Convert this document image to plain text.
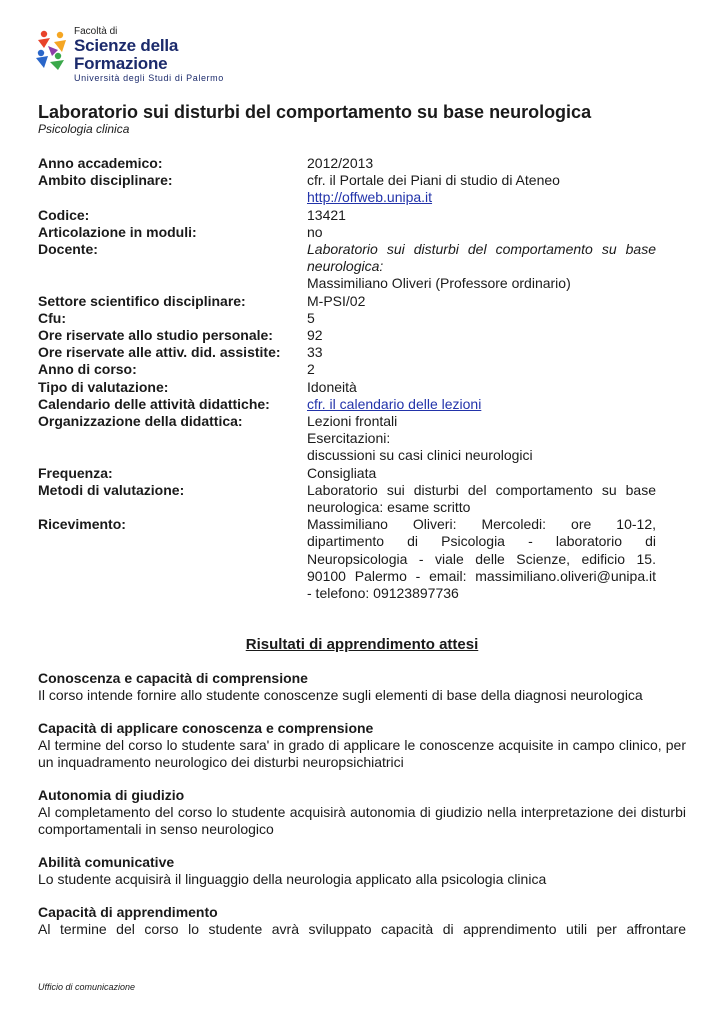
Facoltà di
Scienze della Formazione
Università degli Studi di Palermo
Laboratorio sui disturbi del comportamento su base neurologica
Psicologia clinica
Anno accademico:	2012/2013
Ambito disciplinare:	cfr. il Portale dei Piani di studio di Ateneo
http://offweb.unipa.it
Codice:	13421
Articolazione in moduli:	no
Docente:	Laboratorio sui disturbi del comportamento su base
neurologica:
Massimiliano Oliveri (Professore ordinario)
Settore scientifico disciplinare:	M-PSI/02
Cfu:	5
Ore riservate allo studio personale:	92
Ore riservate alle attiv. did. assistite:	33
Anno di corso:	2
Tipo di valutazione:	Idoneità
Calendario delle attività didattiche:	cfr. il calendario delle lezioni
Organizzazione della didattica:	Lezioni frontali
Esercitazioni:
discussioni su casi clinici neurologici
Frequenza:	Consigliata
Metodi di valutazione:	Laboratorio sui disturbi del comportamento su base
neurologica: esame scritto
Ricevimento:	Massimiliano Oliveri: Mercoledi: ore 10-12,
dipartimento di Psicologia - laboratorio di
Neuropsicologia - viale delle Scienze, edificio 15.
90100 Palermo - email: massimiliano.oliveri@unipa.it
- telefono: 09123897736
Risultati di apprendimento attesi
Conoscenza e capacità di comprensione
Il corso intende fornire allo studente conoscenze sugli elementi di base della diagnosi neurologica
Capacità di applicare conoscenza e comprensione
Al termine del corso lo studente sara' in grado di applicare le conoscenze acquisite in campo clinico, per un inquadramento neurologico dei disturbi neuropsichiatrici
Autonomia di giudizio
Al completamento del corso lo studente acquisirà autonomia di giudizio nella interpretazione dei disturbi comportamentali in senso neurologico
Abilità comunicative
Lo studente acquisirà il linguaggio della neurologia applicato alla psicologia clinica
Capacità di apprendimento
Al termine del corso lo studente avrà sviluppato capacità di apprendimento utili per affrontare
Ufficio di comunicazione
